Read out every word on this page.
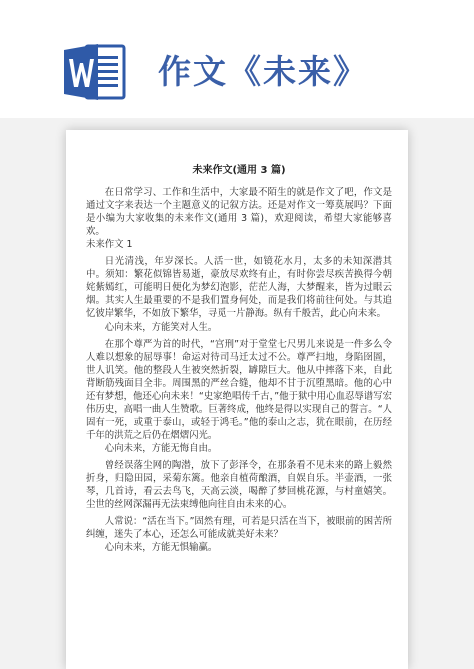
作文《未来》
未来作文(通用 3 篇)

在日常学习、工作和生活中，大家最不陌生的就是作文了吧，作文是通过文字来表达一个主题意义的记叙方法。还是对作文一筹莫展吗？下面是小编为大家收集的未来作文(通用 3 篇)，欢迎阅读，希望大家能够喜欢。

未来作文 1

日光清浅，年岁深长。人活一世，如镜花水月，太多的未知深潜其中。须知：繁花似锦皆易逝，豪放尽欢终有止，有时你尝尽疾苦换得今朝姹紫嫣红，可能明日便化为梦幻泡影，茫茫人海，大梦醒来，皆为过眼云烟。其实人生最重要的不是我们置身何处，而是我们将前往何处。与其追忆彼岸繁华，不如放下繁华，寻觅一片静海。纵有千般苦，此心向未来。

心向未来，方能笑对人生。

在那个尊严为首的时代，“宫刑”对于堂堂七尺男儿来说是一件多么令人难以想象的屈辱事！命运对待司马迁太过不公。尊严扫地，身陷囹圄，世人讥笑。他的整段人生被突然折裂，罅隙巨大。他从中摔落下来，自此背断筋残面目全非。周围黑的严丝合缝，他却不甘于沉堕黑暗。他的心中还有梦想，他还心向未来！“史家绝唱传千古，”他于狱中用心血忍辱谱写宏伟历史，高唱一曲人生赞歌。巨著终成，他终是得以实现自己的誓言。“人固有一死，或重于泰山，或轻于鸿毛。”他的泰山之志，犹在眼前，在历经千年的洪荒之后仍在熠熠闪光。

心向未来，方能无悔自由。

曾经误落尘网的陶潜，放下了彭泽令，在那条看不见未来的路上毅然折身，归隐田园，采菊东篱。他亲自植荷酿酒，自娱自乐。半壶酒，一张琴，几首诗，看云去鸟飞，天高云淡，喝醉了梦回桃花源，与村童嬉笑。尘世的丝网深漏再无法束缚他向往自由未来的心。

人常说：“活在当下。”固然有理，可若是只活在当下，被眼前的困苦所纠缠，迷失了本心，还怎么可能成就美好未来？

心向未来，方能无惧输赢。
